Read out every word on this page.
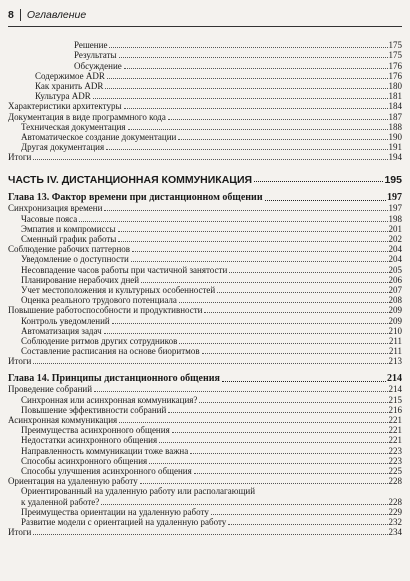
8 Оглавление
Решение	175
Результаты	175
Обсуждение	176
Содержимое ADR	176
Как хранить ADR	180
Культура ADR	181
Характеристики архитектуры	184
Документация в виде программного кода	187
Техническая документация	188
Автоматическое создание документации	190
Другая документация	191
Итоги	194
ЧАСТЬ IV. ДИСТАНЦИОННАЯ КОММУНИКАЦИЯ	195
Глава 13. Фактор времени при дистанционном общении	197
Синхронизация времени	197
Часовые пояса	198
Эмпатия и компромиссы	201
Сменный график работы	202
Соблюдение рабочих паттернов	204
Уведомление о доступности	204
Несовпадение часов работы при частичной занятости	205
Планирование нерабочих дней	206
Учет местоположения и культурных особенностей	207
Оценка реального трудового потенциала	208
Повышение работоспособности и продуктивности	209
Контроль уведомлений	209
Автоматизация задач	210
Соблюдение ритмов других сотрудников	211
Составление расписания на основе биоритмов	211
Итоги	213
Глава 14. Принципы дистанционного общения	214
Проведение собраний	214
Синхронная или асинхронная коммуникация?	215
Повышение эффективности собраний	216
Асинхронная коммуникация	221
Преимущества асинхронного общения	221
Недостатки асинхронного общения	221
Направленность коммуникации тоже важна	223
Способы асинхронного общения	223
Способы улучшения асинхронного общения	225
Ориентация на удаленную работу	228
Ориентированный на удаленную работу или располагающий
к удаленной работе?	228
Преимущества ориентации на удаленную работу	229
Развитие модели с ориентацией на удаленную работу	232
Итоги	234
